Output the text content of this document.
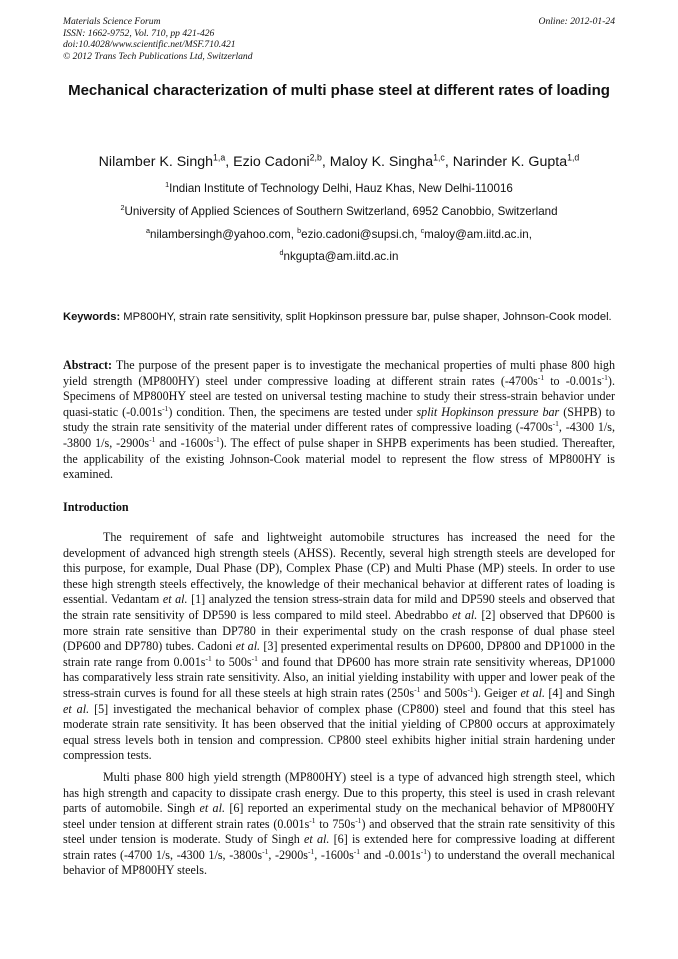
Materials Science Forum
ISSN: 1662-9752, Vol. 710, pp 421-426
doi:10.4028/www.scientific.net/MSF.710.421
© 2012 Trans Tech Publications Ltd, Switzerland
Online: 2012-01-24
Mechanical characterization of multi phase steel at different rates of loading
Nilamber K. Singh$^{1,a}$, Ezio Cadoni$^{2,b}$, Maloy K. Singha$^{1,c}$, Narinder K. Gupta$^{1,d}$
$^1$Indian Institute of Technology Delhi, Hauz Khas, New Delhi-110016
$^2$University of Applied Sciences of Southern Switzerland, 6952 Canobbio, Switzerland
$^a$nilambersingh@yahoo.com, $^b$ezio.cadoni@supsi.ch, $^c$maloy@am.iitd.ac.in,
$^d$nkgupta@am.iitd.ac.in
Keywords: MP800HY, strain rate sensitivity, split Hopkinson pressure bar, pulse shaper, Johnson-Cook model.
Abstract: The purpose of the present paper is to investigate the mechanical properties of multi phase 800 high yield strength (MP800HY) steel under compressive loading at different strain rates ($-4700s^{-1}$ to $-0.001s^{-1}$). Specimens of MP800HY steel are tested on universal testing machine to study their stress-strain behavior under quasi-static $(-0.001s^{-1})$ condition. Then, the specimens are tested under split Hopkinson pressure bar (SHPB) to study the strain rate sensitivity of the material under different rates of compressive loading ($-4700s^{-1}$, -4300 1/s, -3800 1/s, $-2900s^{-1}$ and $-1600s^{-1}$). The effect of pulse shaper in SHPB experiments has been studied. Thereafter, the applicability of the existing Johnson-Cook material model to represent the flow stress of MP800HY is examined.
Introduction

The requirement of safe and lightweight automobile structures has increased the need for the development of advanced high strength steels (AHSS). Recently, several high strength steels are developed for this purpose, for example, Dual Phase (DP), Complex Phase (CP) and Multi Phase (MP) steels. In order to use these high strength steels effectively, the knowledge of their mechanical behavior at different rates of loading is essential. Vedantam et al. [1] analyzed the tension stress-strain data for mild and DP590 steels and observed that the strain rate sensitivity of DP590 is less compared to mild steel. Abedrabbo et al. [2] observed that DP600 is more strain rate sensitive than DP780 in their experimental study on the crash response of dual phase steel (DP600 and DP780) tubes. Cadoni et al. [3] presented experimental results on DP600, DP800 and DP1000 in the strain rate range from $0.001s^{-1}$ to $500s^{-1}$ and found that DP600 has more strain rate sensitivity whereas, DP1000 has comparatively less strain rate sensitivity. Also, an initial yielding instability with upper and lower peak of the stress-strain curves is found for all these steels at high strain rates ($250s^{-1}$ and $500s^{-1}$). Geiger et al. [4] and Singh et al. [5] investigated the mechanical behavior of complex phase (CP800) steel and found that this steel has moderate strain rate sensitivity. It has been observed that the initial yielding of CP800 occurs at approximately equal stress levels both in tension and compression. CP800 steel exhibits higher initial strain hardening under compression tests.

Multi phase 800 high yield strength (MP800HY) steel is a type of advanced high strength steel, which has high strength and capacity to dissipate crash energy. Due to this property, this steel is used in crash relevant parts of automobile. Singh et al. [6] reported an experimental study on the mechanical behavior of MP800HY steel under tension at different strain rates ($0.001s^{-1}$ to $750s^{-1}$) and observed that the strain rate sensitivity of this steel under tension is moderate. Study of Singh et al. [6] is extended here for compressive loading at different strain rates (-4700 1/s, -4300 1/s, $-3800s^{-1}$, $-2900s^{-1}$, $-1600s^{-1}$ and $-0.001s^{-1}$) to understand the overall mechanical behavior of MP800HY steels.
